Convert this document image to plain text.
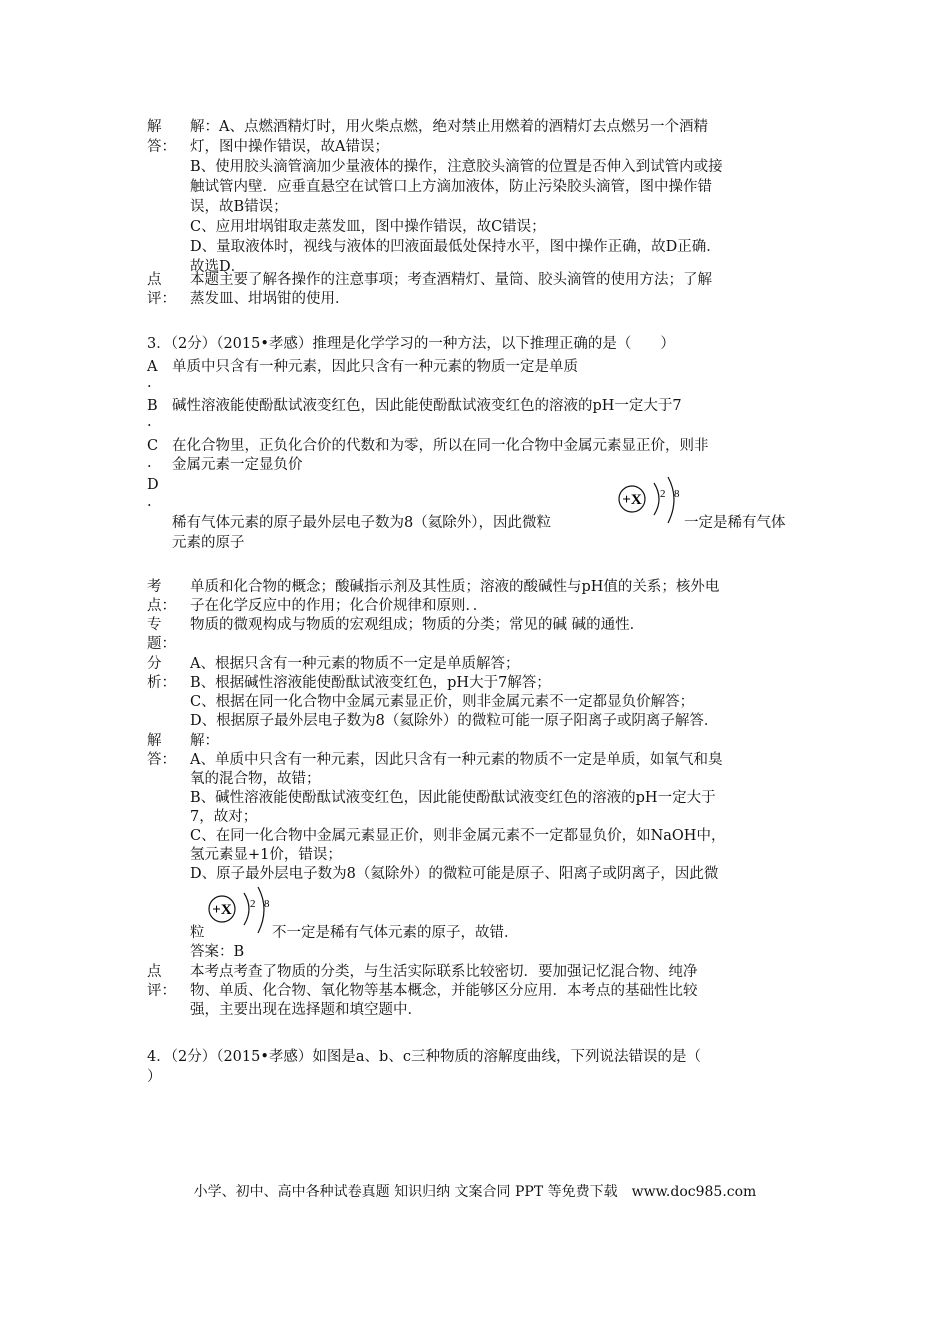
解
答：
解：A、点燃酒精灯时，用火柴点燃，绝对禁止用燃着的酒精灯去点燃另一个酒精
灯，图中操作错误，故A错误；
B、使用胶头滴管滴加少量液体的操作，注意胶头滴管的位置是否伸入到试管内或接
触试管内壁．应垂直悬空在试管口上方滴加液体，防止污染胶头滴管，图中操作错
误，故B错误；
C、应用坩埚钳取走蒸发皿，图中操作错误，故C错误；
D、量取液体时，视线与液体的凹液面最低处保持水平，图中操作正确，故D正确．
故选D．
点
评：
本题主要了解各操作的注意事项；考查酒精灯、量筒、胶头滴管的使用方法；了解
蒸发皿、坩埚钳的使用．
3．（2分）（2015•孝感）推理是化学学习的一种方法，以下推理正确的是（　　）
A
.
单质中只含有一种元素，因此只含有一种元素的物质一定是单质
B
.
碱性溶液能使酚酞试液变红色，因此能使酚酞试液变红色的溶液的pH一定大于7
C
.
在化合物里，正负化合价的代数和为零，所以在同一化合物中金属元素显正价，则非
金属元素一定显负价
D
.
稀有气体元素的原子最外层电子数为8（氦除外），因此微粒
+X 2 8
一定是稀有气体
元素的原子
考
点：
单质和化合物的概念；酸碱指示剂及其性质；溶液的酸碱性与pH值的关系；核外电
子在化学反应中的作用；化合价规律和原则．．
专
题：
物质的微观构成与物质的宏观组成；物质的分类；常见的碱 碱的通性．
分
析：
A、根据只含有一种元素的物质不一定是单质解答；
B、根据碱性溶液能使酚酞试液变红色，pH大于7解答；
C、根据在同一化合物中金属元素显正价，则非金属元素不一定都显负价解答；
D、根据原子最外层电子数为8（氦除外）的微粒可能一原子阳离子或阴离子解答．
解
答：
解：
A、单质中只含有一种元素，因此只含有一种元素的物质不一定是单质，如氧气和臭
氧的混合物，故错；
B、碱性溶液能使酚酞试液变红色，因此能使酚酞试液变红色的溶液的pH一定大于
7，故对；
C、在同一化合物中金属元素显正价，则非金属元素不一定都显负价，如NaOH中，
氢元素显+1价，错误；
D、原子最外层电子数为8（氦除外）的微粒可能是原子、阳离子或阴离子，因此微
粒
+X 2 8
不一定是稀有气体元素的原子，故错．
答案：B
点
评：
本考点考查了物质的分类，与生活实际联系比较密切．要加强记忆混合物、纯净
物、单质、化合物、氧化物等基本概念，并能够区分应用．本考点的基础性比较
强，主要出现在选择题和填空题中．
4．（2分）（2015•孝感）如图是a、b、c三种物质的溶解度曲线，下列说法错误的是（
）
小学、初中、高中各种试卷真题 知识归纳 文案合同 PPT 等免费下载　www.doc985.com
